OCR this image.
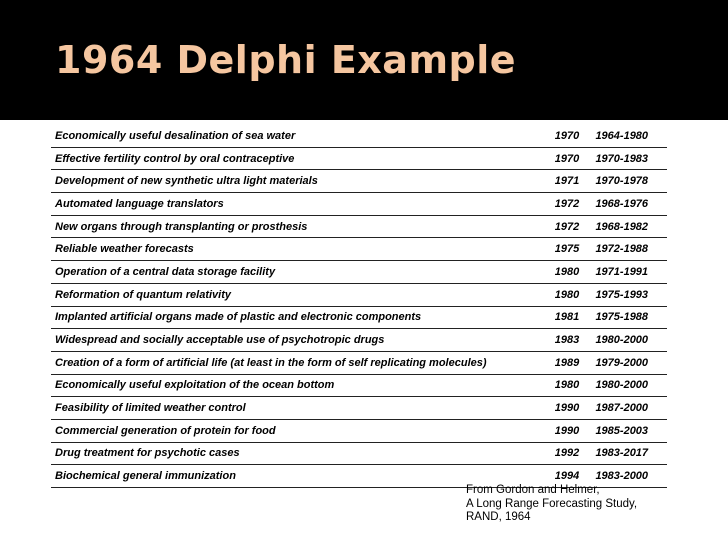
1964 Delphi Example
Economically useful desalination of sea water	1970	1964-1980
Effective fertility control by oral contraceptive	1970	1970-1983
Development of new synthetic ultra light materials	1971	1970-1978
Automated language translators	1972	1968-1976
New organs through transplanting or prosthesis	1972	1968-1982
Reliable weather forecasts	1975	1972-1988
Operation of a central data storage facility	1980	1971-1991
Reformation of quantum relativity	1980	1975-1993
Implanted artificial organs made of plastic and electronic components	1981	1975-1988
Widespread and socially acceptable use of psychotropic drugs	1983	1980-2000
Creation of a form of artificial life (at least in the form of self replicating molecules)	1989	1979-2000
Economically useful exploitation of the ocean bottom	1980	1980-2000
Feasibility of limited weather control	1990	1987-2000
Commercial generation of protein for food	1990	1985-2003
Drug treatment for psychotic cases	1992	1983-2017
Biochemical general immunization	1994	1983-2000
From Gordon and Helmer,
A Long Range Forecasting Study,
RAND, 1964
